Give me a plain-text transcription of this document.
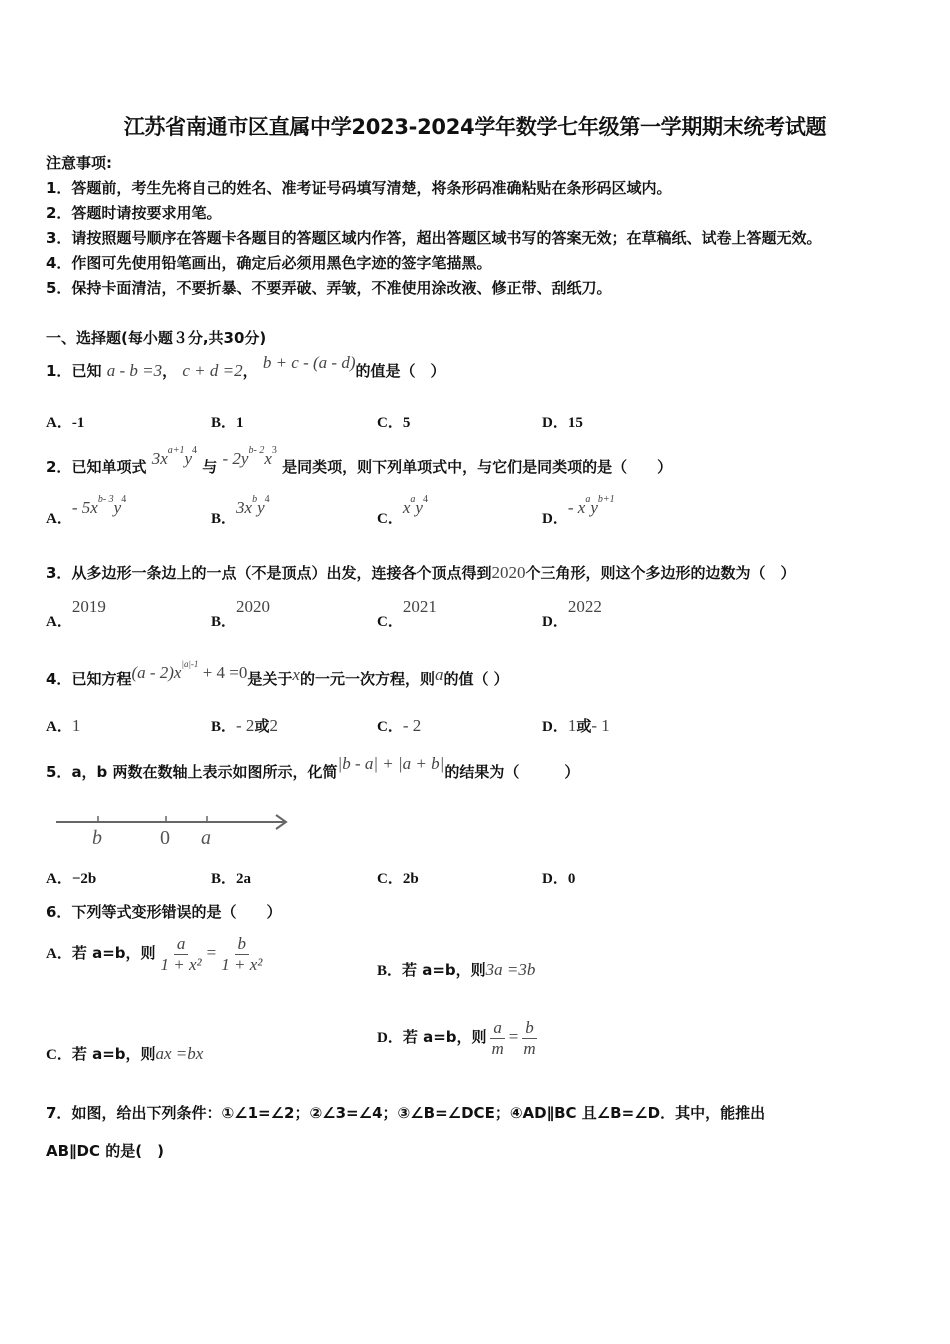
江苏省南通市区直属中学2023-2024学年数学七年级第一学期期末统考试题
注意事项:
1．答题前，考生先将自己的姓名、准考证号码填写清楚，将条形码准确粘贴在条形码区域内。
2．答题时请按要求用笔。
3．请按照题号顺序在答题卡各题目的答题区域内作答，超出答题区域书写的答案无效；在草稿纸、试卷上答题无效。
4．作图可先使用铅笔画出，确定后必须用黑色字迹的签字笔描黑。
5．保持卡面清洁，不要折暴、不要弄破、弄皱，不准使用涂改液、修正带、刮纸刀。
一、选择题(每小题３分,共30分)
1．已知 a - b =3， c + d =2， b + c - (a - d)的值是（　）
A．-1	B．1	C．5	D．15
2．已知单项式 $3x^{a+1}y^4$ 与 - $2y^{b- 2}x^3$ 是同类项，则下列单项式中，与它们是同类项的是（　　）
A．- $5x^{b- 3}y^4$
B．$3x^by^4$
C．$x^ay^4$
D．- $x^ay^{b+1}$
3．从多边形一条边上的一点（不是顶点）出发，连接各个顶点得到2020个三角形，则这个多边形的边数为（　）
A．2019
B．2020
C．2021
D．2022
4．已知方程$(a - 2)x^{|a|-1} + 4 =0$是关于x的一元一次方程，则a的值（ ）
A．1	B．- 2或2	C．- 2	D．1或- 1
5．a，b 两数在数轴上表示如图所示，化简|b - a| + |a + b|的结果为（　　　）
b	0 a
A．−2b	B．2a	C．2b	D．0
6．下列等式变形错误的是（　　）
A．若 a=b，则 $\frac{a}{\text{1 + x²}} = \frac{b}{\text{1 + x²}}$	B．若 a=b，则3a =3b
C．若 a=b，则ax =bx
D．若 a=b，则 $\frac{a}{m} = \frac{b}{m}$
7．如图，给出下列条件：①∠1=∠2；②∠3=∠4；③∠B=∠DCE；④AD∥BC 且∠B=∠D．其中，能推出
AB∥DC 的是(　)
